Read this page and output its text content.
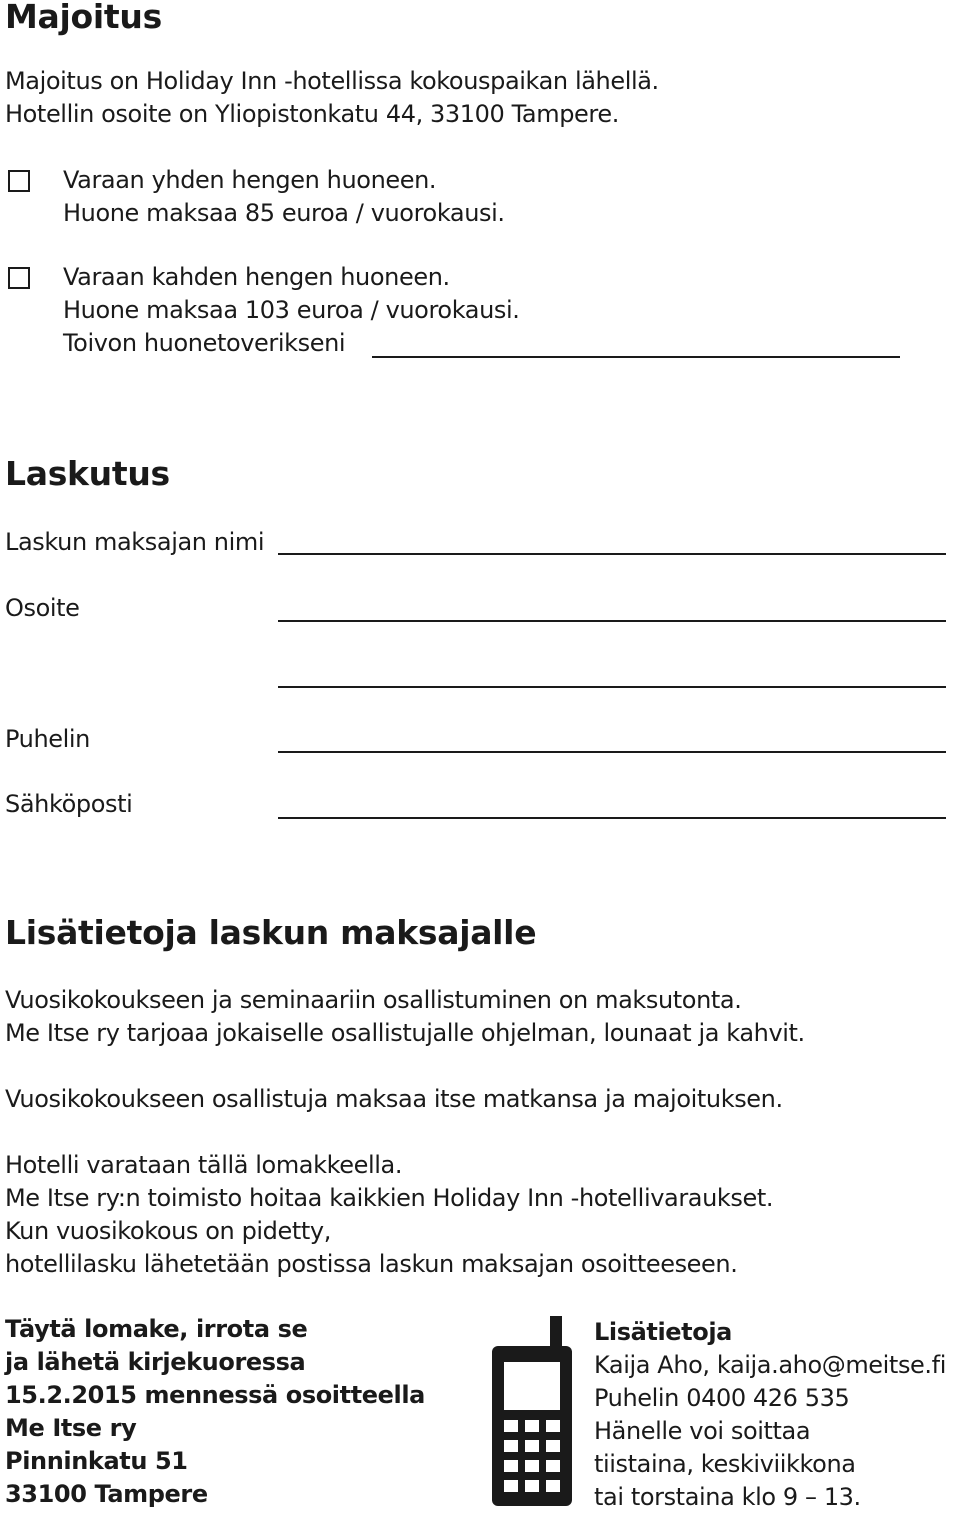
Majoitus
Majoitus on Holiday Inn -hotellissa kokouspaikan lähellä.
Hotellin osoite on Yliopistonkatu 44, 33100 Tampere.
Varaan yhden hengen huoneen.
Huone maksaa 85 euroa / vuorokausi.
Varaan kahden hengen huoneen.
Huone maksaa 103 euroa / vuorokausi.
Toivon huonetoverikseni
Laskutus
Laskun maksajan nimi
Osoite
Puhelin
Sähköposti
Lisätietoja laskun maksajalle
Vuosikokoukseen ja seminaariin osallistuminen on maksutonta.
Me Itse ry tarjoaa jokaiselle osallistujalle ohjelman, lounaat ja kahvit.
Vuosikokoukseen osallistuja maksaa itse matkansa ja majoituksen.
Hotelli varataan tällä lomakkeella.
Me Itse ry:n toimisto hoitaa kaikkien Holiday Inn -hotellivaraukset.
Kun vuosikokous on pidetty,
hotellilasku lähetetään postissa laskun maksajan osoitteeseen.
Täytä lomake, irrota se
ja lähetä kirjekuoressa
15.2.2015 mennessä osoitteella
Me Itse ry
Pinninkatu 51
33100 Tampere
Lisätietoja
Kaija Aho, kaija.aho@meitse.fi
Puhelin 0400 426 535
Hänelle voi soittaa
tiistaina, keskiviikkona
tai torstaina klo 9 – 13.
